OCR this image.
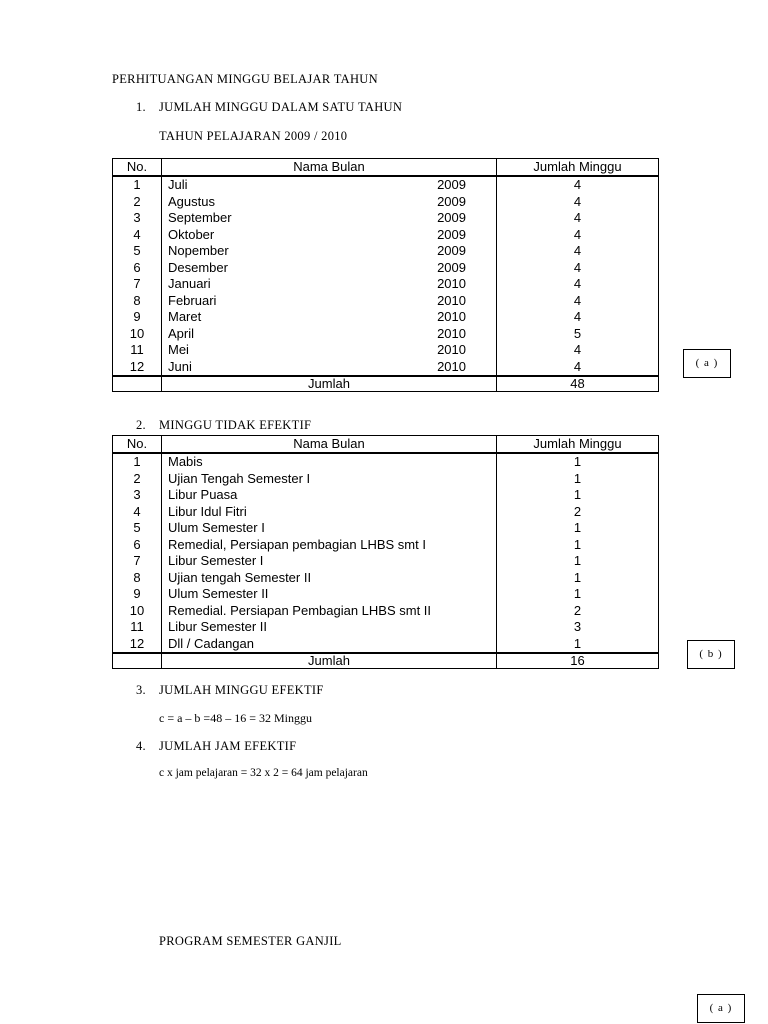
PERHITUANGAN MINGGU BELAJAR TAHUN
1. JUMLAH MINGGU DALAM SATU TAHUN
TAHUN PELAJARAN 2009 / 2010
No.	Nama Bulan	Jumlah Minggu
1	Juli 2009	4
2	Agustus 2009	4
3	September 2009	4
4	Oktober 2009	4
5	Nopember 2009	4
6	Desember 2009	4
7	Januari 2010	4
8	Februari 2010	4
9	Maret 2010	4
10	April 2010	5
11	Mei 2010	4
12	Juni 2010	4
	Jumlah	48
( a )
2. MINGGU TIDAK EFEKTIF
No.	Nama Bulan	Jumlah Minggu
1	Mabis	1
2	Ujian Tengah Semester I	1
3	Libur Puasa	1
4	Libur Idul Fitri	2
5	Ulum Semester I	1
6	Remedial, Persiapan pembagian LHBS smt I	1
7	Libur Semester I	1
8	Ujian tengah Semester II	1
9	Ulum Semester II	1
10	Remedial. Persiapan Pembagian LHBS smt II	2
11	Libur Semester II	3
12	Dll / Cadangan	1
	Jumlah	16	( b )
3. JUMLAH MINGGU EFEKTIF
c = a – b =48 – 16 = 32 Minggu
4. JUMLAH JAM EFEKTIF
c x jam pelajaran = 32 x 2 = 64 jam pelajaran
PROGRAM SEMESTER GANJIL
( a )
